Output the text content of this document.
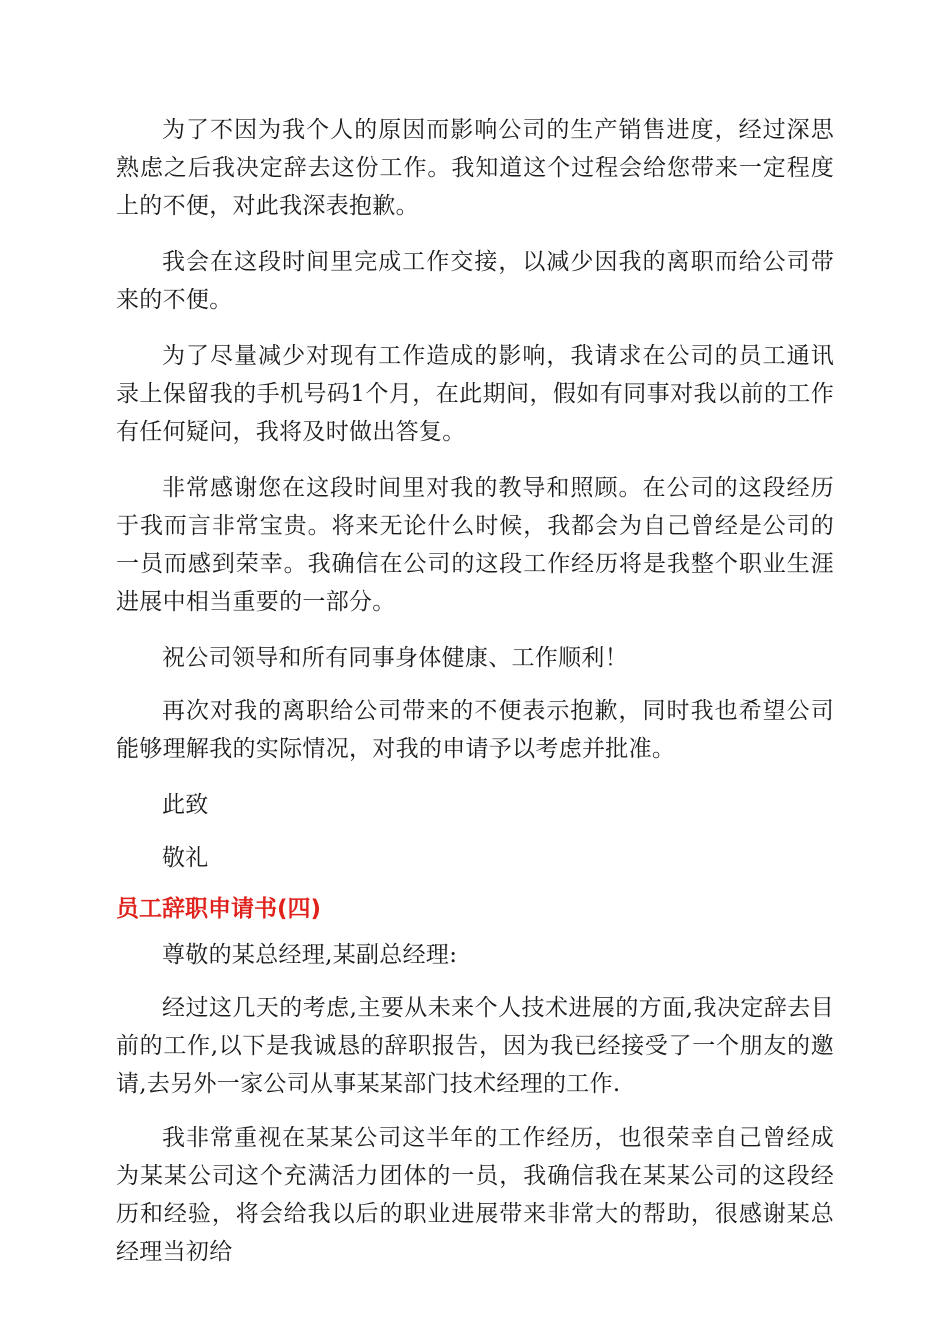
为了不因为我个人的原因而影响公司的生产销售进度，经过深思熟虑之后我决定辞去这份工作。我知道这个过程会给您带来一定程度上的不便，对此我深表抱歉。

我会在这段时间里完成工作交接，以减少因我的离职而给公司带来的不便。

为了尽量减少对现有工作造成的影响，我请求在公司的员工通讯录上保留我的手机号码1个月，在此期间，假如有同事对我以前的工作有任何疑问，我将及时做出答复。

非常感谢您在这段时间里对我的教导和照顾。在公司的这段经历于我而言非常宝贵。将来无论什么时候，我都会为自己曾经是公司的一员而感到荣幸。我确信在公司的这段工作经历将是我整个职业生涯进展中相当重要的一部分。

祝公司领导和所有同事身体健康、工作顺利！

再次对我的离职给公司带来的不便表示抱歉，同时我也希望公司能够理解我的实际情况，对我的申请予以考虑并批准。

此致

敬礼

员工辞职申请书(四)

尊敬的某总经理,某副总经理:

经过这几天的考虑,主要从未来个人技术进展的方面,我决定辞去目前的工作,以下是我诚恳的辞职报告，因为我已经接受了一个朋友的邀请,去另外一家公司从事某某部门技术经理的工作.

我非常重视在某某公司这半年的工作经历，也很荣幸自己曾经成为某某公司这个充满活力团体的一员，我确信我在某某公司的这段经历和经验，将会给我以后的职业进展带来非常大的帮助，很感谢某总经理当初给
